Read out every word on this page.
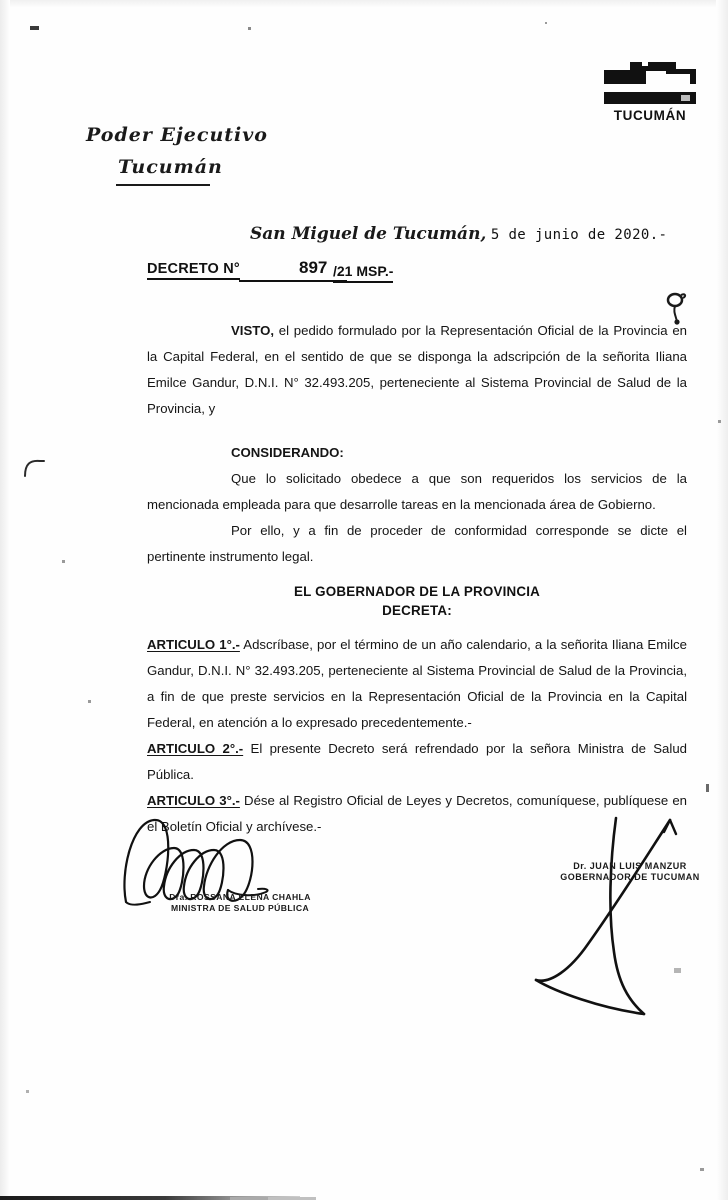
TUCUMÁN
Poder Ejecutivo
Tucumán
San Miguel de Tucumán, 5 de junio de 2020.-
DECRETO N°	897 /21 MSP.-

VISTO, el pedido formulado por la Representación Oficial de la Provincia en la Capital Federal, en el sentido de que se disponga la adscripción de la señorita Iliana Emilce Gandur, D.N.I. N° 32.493.205, perteneciente al Sistema Provincial de Salud de la Provincia, y

CONSIDERANDO:

Que lo solicitado obedece a que son requeridos los servicios de la mencionada empleada para que desarrolle tareas en la mencionada área de Gobierno.

Por ello, y a fin de proceder de conformidad corresponde se dicte el pertinente instrumento legal.

EL GOBERNADOR DE LA PROVINCIA

DECRETA:

ARTICULO 1°.- Adscríbase, por el término de un año calendario, a la señorita Iliana Emilce Gandur, D.N.I. N° 32.493.205, perteneciente al Sistema Provincial de Salud de la Provincia, a fin de que preste servicios en la Representación Oficial de la Provincia en la Capital Federal, en atención a lo expresado precedentemente.-

ARTICULO 2°.- El presente Decreto será refrendado por la señora Ministra de Salud Pública.

ARTICULO 3°.- Dése al Registro Oficial de Leyes y Decretos, comuníquese, publíquese en el Boletín Oficial y archívese.-

Dra. ROSSANA ELENA CHAHLA
MINISTRA DE SALUD PÚBLICA
Dr. JUAN LUIS MANZUR
GOBERNADOR DE TUCUMAN
